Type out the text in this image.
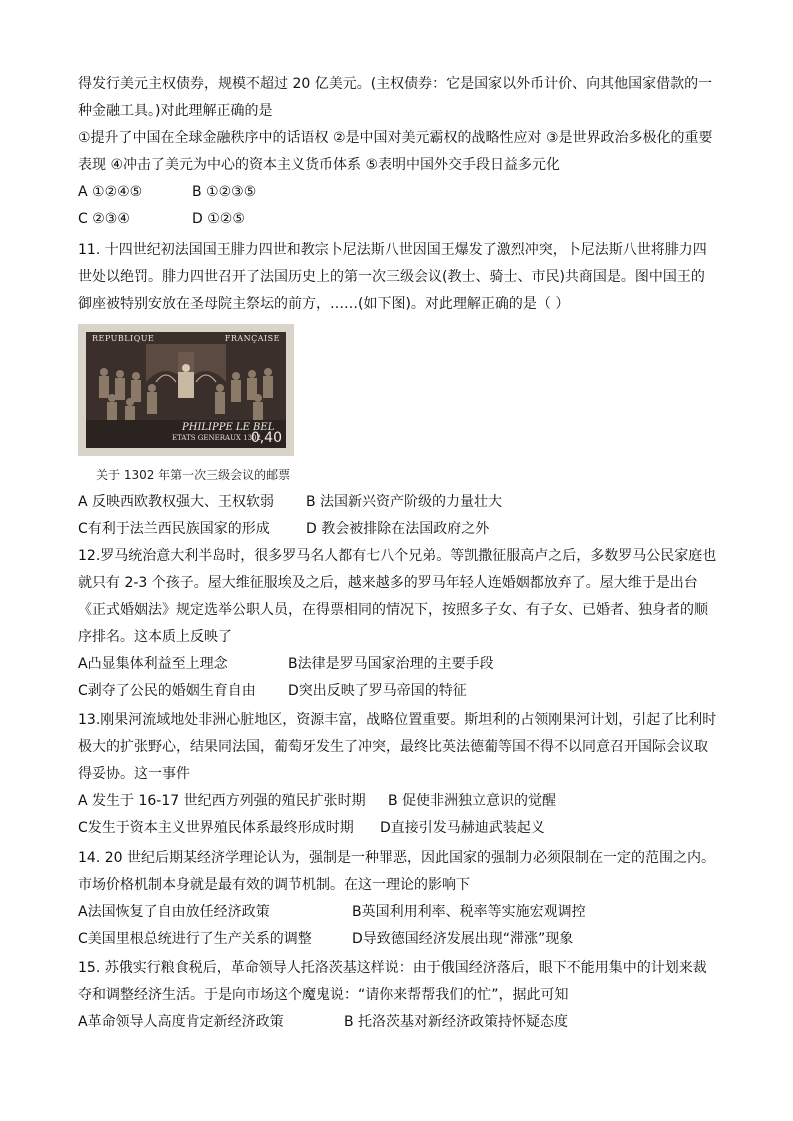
得发行美元主权债券，规模不超过 20 亿美元。(主权债券：它是国家以外币计价、向其他国家借款的一
种金融工具。)对此理解正确的是
①提升了中国在全球金融秩序中的话语权 ②是中国对美元霸权的战略性应对 ③是世界政治多极化的重要
表现 ④冲击了美元为中心的资本主义货币体系 ⑤表明中国外交手段日益多元化
A ①②④⑤	B ①②③⑤
C ②③④	D ①②⑤
11. 十四世纪初法国国王腓力四世和教宗卜尼法斯八世因国王爆发了激烈冲突，卜尼法斯八世将腓力四
世处以绝罚。腓力四世召开了法国历史上的第一次三级会议(教士、骑士、市民)共商国是。图中国王的
御座被特别安放在圣母院主祭坛的前方，……(如下图)。对此理解正确的是（ ）
REPUBLIQUE	FRANÇAISE
PHILIPPE LE BEL
ETATS GENERAUX 1302
0,40
关于 1302 年第一次三级会议的邮票
A 反映西欧教权强大、王权软弱 B 法国新兴资产阶级的力量壮大
C有利于法兰西民族国家的形成	D 教会被排除在法国政府之外
12.罗马统治意大利半岛时，很多罗马名人都有七八个兄弟。等凯撒征服高卢之后，多数罗马公民家庭也
就只有 2-3 个孩子。屋大维征服埃及之后，越来越多的罗马年轻人连婚姻都放弃了。屋大维于是出台
《正式婚姻法》规定选举公职人员，在得票相同的情况下，按照多子女、有子女、已婚者、独身者的顺
序排名。这本质上反映了
A凸显集体利益至上理念	B法律是罗马国家治理的主要手段
C剥夺了公民的婚姻生育自由 D突出反映了罗马帝国的特征
13.刚果河流域地处非洲心脏地区，资源丰富，战略位置重要。斯坦利的占领刚果河计划，引起了比利时
极大的扩张野心，结果同法国，葡萄牙发生了冲突，最终比英法德葡等国不得不以同意召开国际会议取
得妥协。这一事件
A 发生于 16-17 世纪西方列强的殖民扩张时期 B 促使非洲独立意识的觉醒
C发生于资本主义世界殖民体系最终形成时期 D直接引发马赫迪武装起义
14. 20 世纪后期某经济学理论认为，强制是一种罪恶，因此国家的强制力必须限制在一定的范围之内。
市场价格机制本身就是最有效的调节机制。在这一理论的影响下
A法国恢复了自由放任经济政策	B英国利用利率、税率等实施宏观调控
C美国里根总统进行了生产关系的调整	D导致德国经济发展出现“滞涨”现象
15. 苏俄实行粮食税后，革命领导人托洛茨基这样说：由于俄国经济落后，眼下不能用集中的计划来裁
夺和调整经济生活。于是向市场这个魔鬼说：“请你来帮帮我们的忙”，据此可知
A革命领导人高度肯定新经济政策	B 托洛茨基对新经济政策持怀疑态度
